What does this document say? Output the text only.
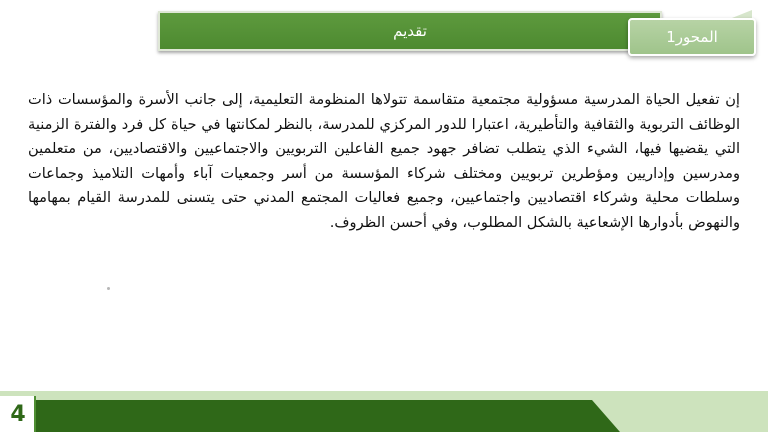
تقديم	المحور1

إن تفعيل الحياة المدرسية مسؤولية مجتمعية متقاسمة تتولاها المنظومة التعليمية، إلى جانب الأسرة والمؤسسات ذات الوظائف التربوية والثقافية والتأطيرية، اعتبارا للدور المركزي للمدرسة، بالنظر لمكانتها في حياة كل فرد والفترة الزمنية التي يقضيها فيها، الشيء الذي يتطلب تضافر جهود جميع الفاعلين التربويين والاجتماعيين والاقتصاديين، من متعلمين ومدرسين وإداريين ومؤطرين تربويين ومختلف شركاء المؤسسة من أسر وجمعيات آباء وأمهات التلاميذ وجماعات وسلطات محلية وشركاء اقتصاديين واجتماعيين، وجميع فعاليات المجتمع المدني حتى يتسنى للمدرسة القيام بمهامها والنهوض بأدوارها الإشعاعية بالشكل المطلوب، وفي أحسن الظروف.

4
